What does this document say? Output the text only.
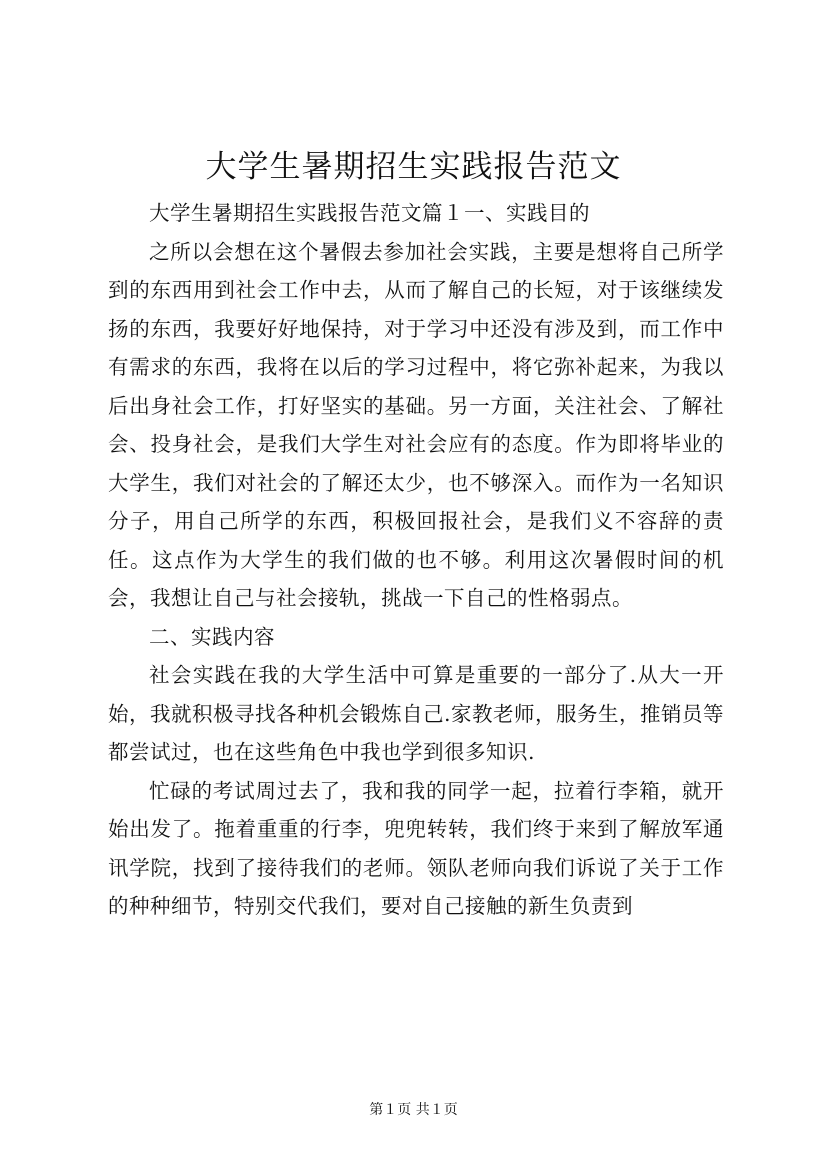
大学生暑期招生实践报告范文

大学生暑期招生实践报告范文篇１一、实践目的

之所以会想在这个暑假去参加社会实践，主要是想将自己所学到的东西用到社会工作中去，从而了解自己的长短，对于该继续发扬的东西，我要好好地保持，对于学习中还没有涉及到，而工作中有需求的东西，我将在以后的学习过程中，将它弥补起来，为我以后出身社会工作，打好坚实的基础。另一方面，关注社会、了解社会、投身社会，是我们大学生对社会应有的态度。作为即将毕业的大学生，我们对社会的了解还太少，也不够深入。而作为一名知识分子，用自己所学的东西，积极回报社会，是我们义不容辞的责任。这点作为大学生的我们做的也不够。利用这次暑假时间的机会，我想让自己与社会接轨，挑战一下自己的性格弱点。

二、实践内容

社会实践在我的大学生活中可算是重要的一部分了.从大一开始，我就积极寻找各种机会锻炼自己.家教老师，服务生，推销员等都尝试过，也在这些角色中我也学到很多知识.

忙碌的考试周过去了，我和我的同学一起，拉着行李箱，就开始出发了。拖着重重的行李，兜兜转转，我们终于来到了解放军通讯学院，找到了接待我们的老师。领队老师向我们诉说了关于工作的种种细节，特别交代我们，要对自己接触的新生负责到

第１页 共１页
